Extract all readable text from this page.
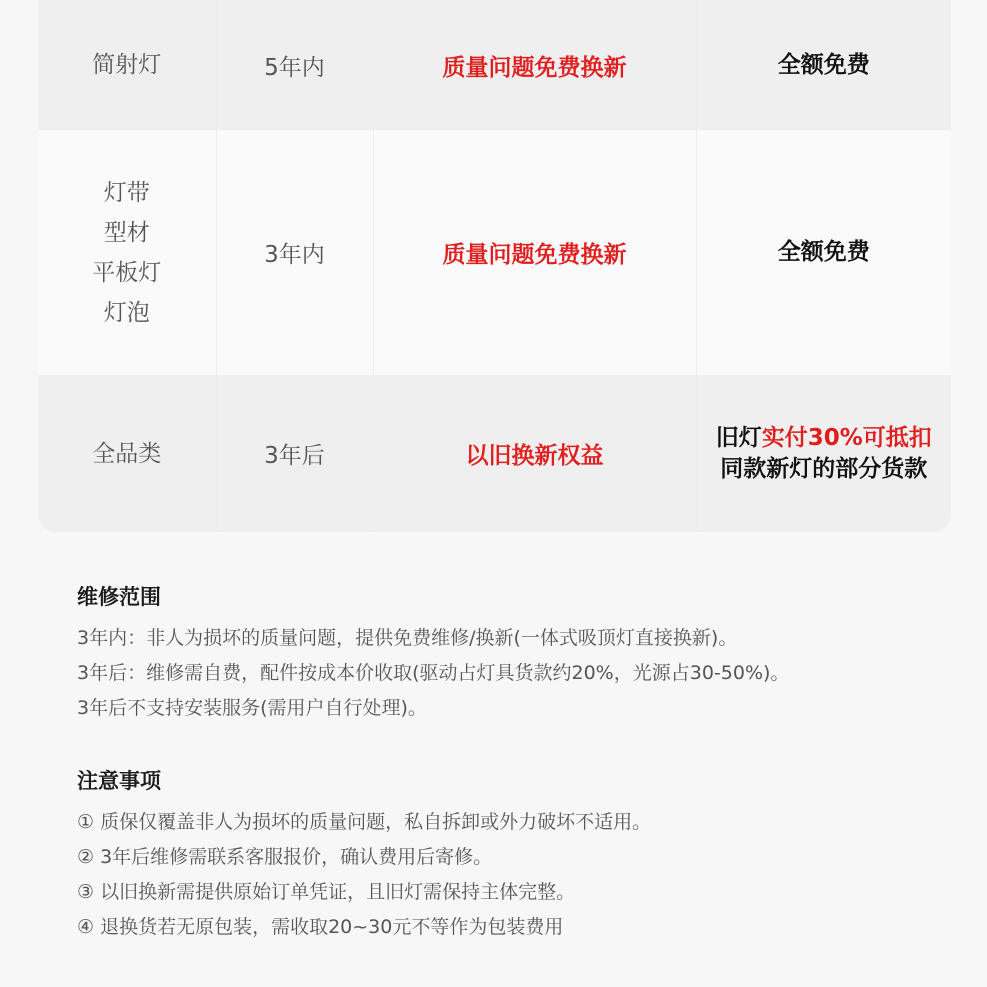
简射灯	5年内	质量问题免费换新	全额免费

灯带
型材
平板灯
灯泡	3年内	质量问题免费换新	全额免费

全品类	3年后	以旧换新权益	旧灯实付30%可抵扣
同款新灯的部分货款
维修范围

3年内：非人为损坏的质量问题，提供免费维修/换新(一体式吸顶灯直接换新)。

3年后：维修需自费，配件按成本价收取(驱动占灯具货款约20%，光源占30-50%)。

3年后不支持安装服务(需用户自行处理)。

注意事项

① 质保仅覆盖非人为损坏的质量问题，私自拆卸或外力破坏不适用。

② 3年后维修需联系客服报价，确认费用后寄修。

③ 以旧换新需提供原始订单凭证，且旧灯需保持主体完整。

④ 退换货若无原包装，需收取20~30元不等作为包装费用
